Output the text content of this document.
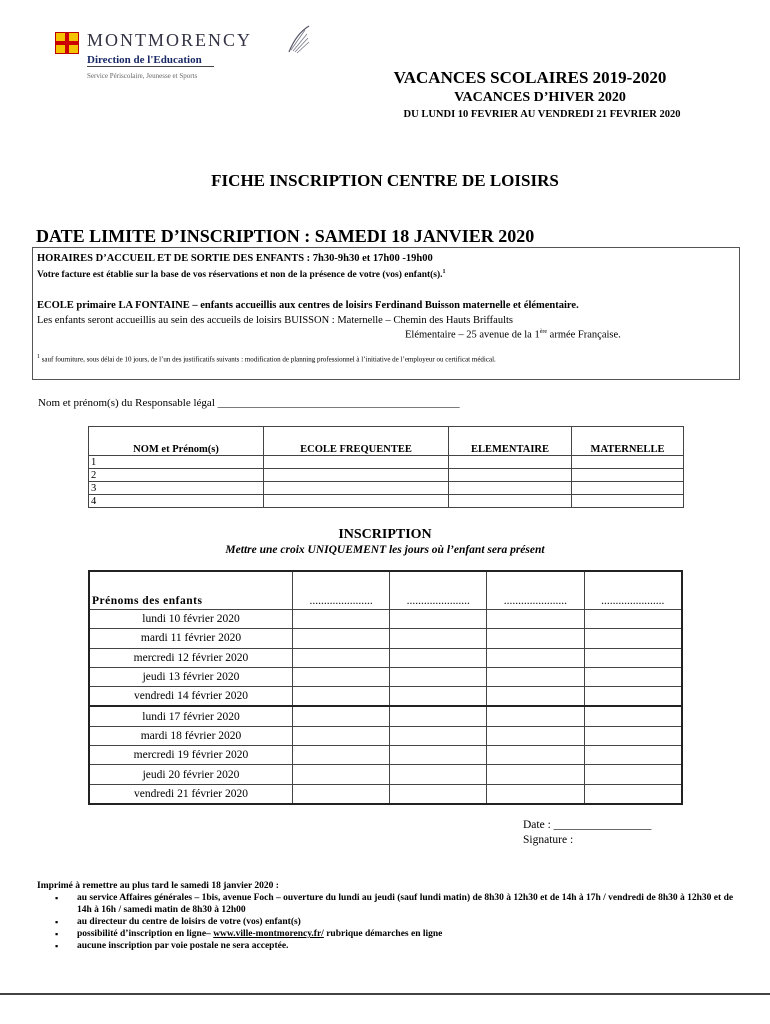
MONTMORENCY
Direction de l'Education
Service Périscolaire, Jeunesse et Sports	VACANCES SCOLAIRES 2019-2020
VACANCES D’HIVER 2020
DU LUNDI 10 FEVRIER AU VENDREDI 21 FEVRIER 2020
FICHE INSCRIPTION CENTRE DE LOISIRS
DATE LIMITE D’INSCRIPTION : SAMEDI 18 JANVIER 2020
HORAIRES D’ACCUEIL ET DE SORTIE DES ENFANTS : 7h30-9h30 et 17h00 -19h00
Votre facture est établie sur la base de vos réservations et non de la présence de votre (vos) enfant(s).$^1$
ECOLE primaire LA FONTAINE – enfants accueillis aux centres de loisirs Ferdinand Buisson maternelle et élémentaire.
Les enfants seront accueillis au sein des accueils de loisirs BUISSON : Maternelle – Chemin des Hauts Briffaults
Elémentaire – 25 avenue de la 1ère armée Française.
$^1$ sauf fourniture, sous délai de 10 jours, de l’un des justificatifs suivants : modification de planning professionnel à l’initiative de l’employeur ou certificat médical.
Nom et prénom(s) du Responsable légal ____________________________________________
NOM et Prénom(s)	ECOLE FREQUENTEE	ELEMENTAIRE	MATERNELLE
1			
2			
3			
4			
INSCRIPTION
Mettre une croix UNIQUEMENT les jours où l’enfant sera présent
Prénoms des enfants	......................	......................	......................	......................
lundi 10 février 2020				
mardi 11 février 2020				
mercredi 12 février 2020				
jeudi 13 février 2020				
vendredi 14 février 2020				
lundi 17 février 2020				
mardi 18 février 2020				
mercredi 19 février 2020				
jeudi 20 février 2020				
vendredi 21 février 2020				
Date : _________________
Signature :
Imprimé à remettre au plus tard le samedi 18 janvier 2020 :
▪ au service Affaires générales – 1bis, avenue Foch – ouverture du lundi au jeudi (sauf lundi matin) de 8h30 à 12h30 et de 14h à 17h / vendredi de 8h30 à 12h30 et de 14h à 16h / samedi matin de 8h30 à 12h00
▪ au directeur du centre de loisirs de votre (vos) enfant(s)
▪ possibilité d’inscription en ligne– www.ville-montmorency.fr/ rubrique démarches en ligne
▪ aucune inscription par voie postale ne sera acceptée.
